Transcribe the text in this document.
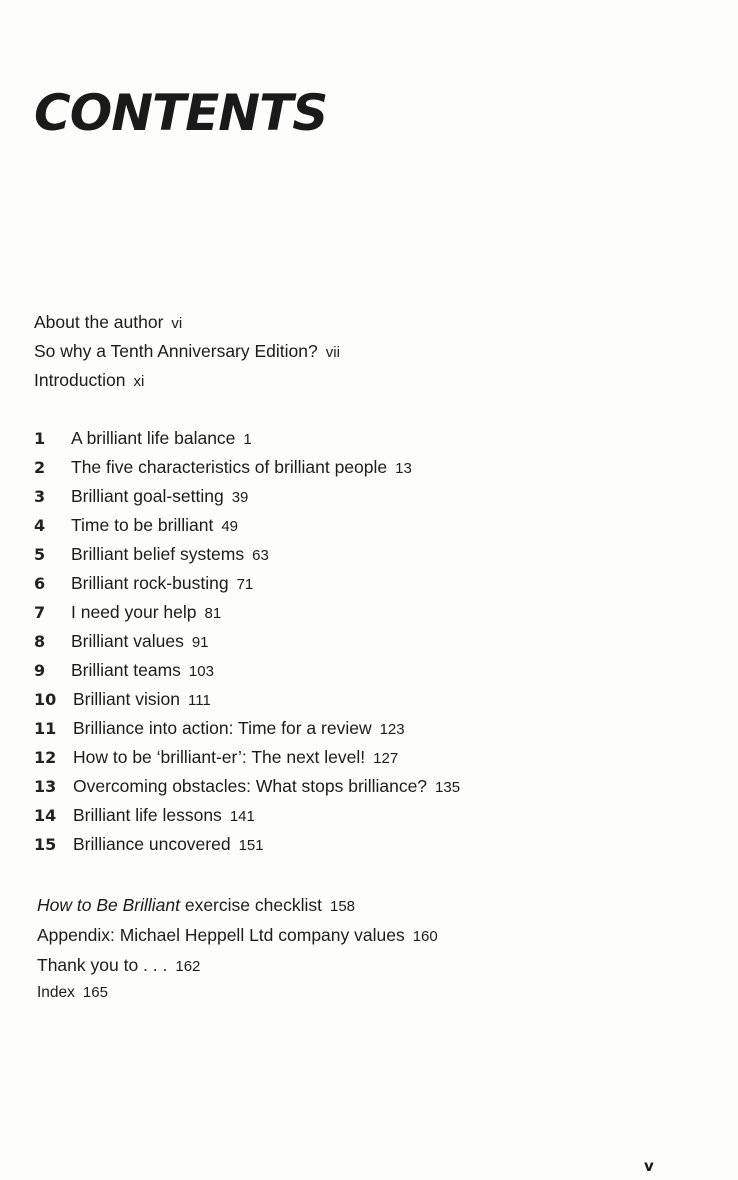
CONTENTS
About the author vi
So why a Tenth Anniversary Edition? vii
Introduction xi
1 A brilliant life balance 1
2 The five characteristics of brilliant people 13
3 Brilliant goal-setting 39
4 Time to be brilliant 49
5 Brilliant belief systems 63
6 Brilliant rock-busting 71
7 I need your help 81
8 Brilliant values 91
9 Brilliant teams 103
10 Brilliant vision 111
11 Brilliance into action: Time for a review 123
12 How to be ‘brilliant-er’: The next level! 127
13 Overcoming obstacles: What stops brilliance? 135
14 Brilliant life lessons 141
15 Brilliance uncovered 151
How to Be Brilliant exercise checklist 158
Appendix: Michael Heppell Ltd company values 160
Thank you to . . . 162
Index 165
v
